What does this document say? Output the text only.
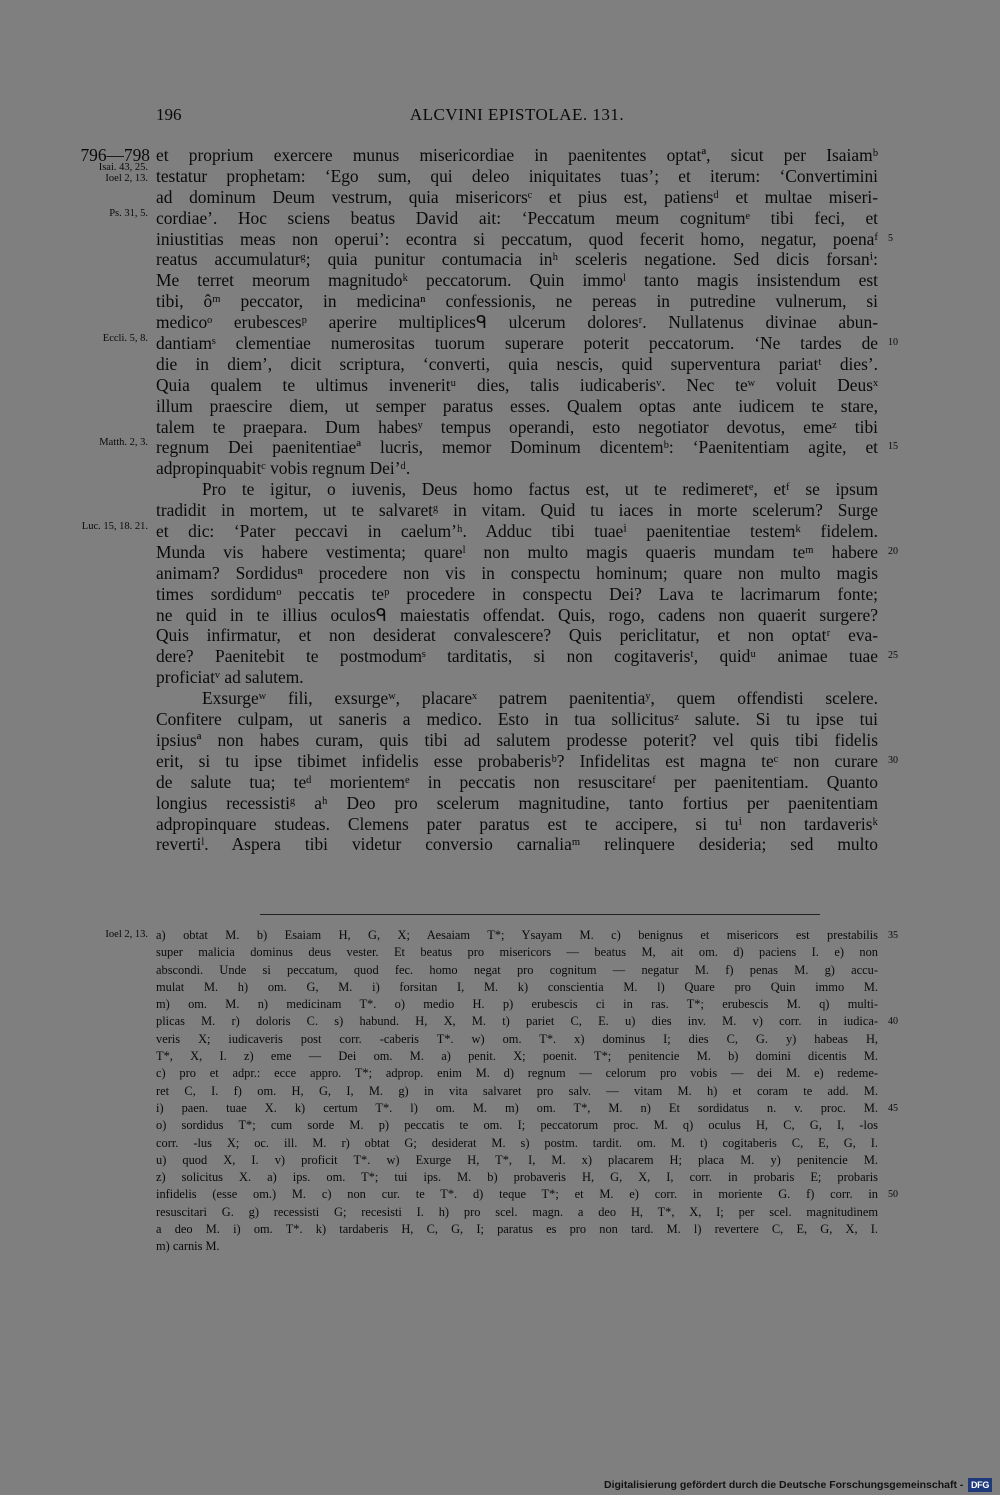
196	ALCVINI EPISTOLAE. 131.
et proprium exercere munus misericordiae in paenitentes optatª, sicut per Isaiamᵇ
796—798
testatur prophetam: ‘Ego sum, qui deleo iniquitates tuas’; et iterum: ‘Convertimini
Isai. 43, 25.
Ioel 2, 13.
ad dominum Deum vestrum, quia misericorsᶜ et pius est, patiensᵈ et multae miseri-
cordiae’. Hoc sciens beatus David ait: ‘Peccatum meum cognitumᵉ tibi feci, et
Ps. 31, 5.
iniustitias meas non operui’: econtra si peccatum, quod fecerit homo, negatur, poenaᶠ 5
reatus accumulaturᵍ; quia punitur contumacia inʰ sceleris negatione. Sed dicis forsanⁱ:
Me terret meorum magnitudoᵏ peccatorum. Quin immoˡ tanto magis insistendum est
tibi, ôᵐ peccator, in medicinaⁿ confessionis, ne pereas in putredine vulnerum, si
medicoᵒ erubescesᵖ aperire multiplicesᑫ ulcerum doloresʳ. Nullatenus divinae abun-
dantiamˢ clementiae numerositas tuorum superare poterit peccatorum. ‘Ne tardes de
Eccli. 5, 8.	10
die in diem’, dicit scriptura, ‘converti, quia nescis, quid superventura pariatᵗ dies’.
Quia qualem te ultimus inveneritᵘ dies, talis iudicaberisᵛ. Nec teʷ voluit Deusˣ
illum praescire diem, ut semper paratus esses. Qualem optas ante iudicem te stare,
talem te praepara. Dum habesʸ tempus operandi, esto negotiator devotus, emeᶻ tibi
regnum Dei paenitentiaeª lucris, memor Dominum dicentemᵇ: ‘Paenitentiam agite, et
Matth. 2, 3.	15
adpropinquabitᶜ vobis regnum Dei’ᵈ.
Pro te igitur, o iuvenis, Deus homo factus est, ut te redimeretᵉ, etᶠ se ipsum
tradidit in mortem, ut te salvaretᵍ in vitam. Quid tu iaces in morte scelerum? Surge
et dic: ‘Pater peccavi in caelum’ʰ. Adduc tibi tuaeⁱ paenitentiae testemᵏ fidelem.
Luc. 15, 18. 21.
Munda vis habere vestimenta; quareˡ non multo magis quaeris mundam teᵐ habere 20
animam? Sordidusⁿ procedere non vis in conspectu hominum; quare non multo magis
times sordidumᵒ peccatis teᵖ procedere in conspectu Dei? Lava te lacrimarum fonte;
ne quid in te illius oculosᑫ maiestatis offendat. Quis, rogo, cadens non quaerit surgere?
Quis infirmatur, et non desiderat convalescere? Quis periclitatur, et non optatʳ eva-
dere? Paenitebit te postmodumˢ tarditatis, si non cogitaverisᵗ, quidᵘ animae tuae 25
proficiatᵛ ad salutem.
Exsurgeʷ fili, exsurgeʷ, placareˣ patrem paenitentiaʸ, quem offendisti scelere.
Confitere culpam, ut saneris a medico. Esto in tua sollicitusᶻ salute. Si tu ipse tui
ipsiusª non habes curam, quis tibi ad salutem prodesse poterit? vel quis tibi fidelis
erit, si tu ipse tibimet infidelis esse probaberisᵇ? Infidelitas est magna teᶜ non curare 30
de salute tua; teᵈ morientemᵉ in peccatis non resuscitareᶠ per paenitentiam. Quanto
longius recessistiᵍ aʰ Deo pro scelerum magnitudine, tanto fortius per paenitentiam
adpropinquare studeas. Clemens pater paratus est te accipere, si tuⁱ non tardaverisᵏ
revertiˡ. Aspera tibi videtur conversio carnaliaᵐ relinquere desideria; sed multo
a) obtat M. b) Esaiam H, G, X; Aesaiam T*; Ysayam M. c) benignus et misericors est prestabilis
Ioel 2, 13.	35
super malicia dominus deus vester. Et beatus pro misericors — beatus M, ait om. d) paciens I. e) non
abscondi. Unde si peccatum, quod fec. homo negat pro cognitum — negatur M. f) penas M. g) accu-
mulat M. h) om. G, M. i) forsitan I, M. k) conscientia M. l) Quare pro Quin immo M.
m) om. M. n) medicinam T*. o) medio H. p) erubescis ci in ras. T*; erubescis M. q) multi-
plicas M. r) doloris C. s) habund. H, X, M. t) pariet C, E. u) dies inv. M. v) corr. in iudica- 40
veris X; iudicaveris post corr. -caberis T*. w) om. T*. x) dominus I; dies C, G. y) habeas H,
T*, X, I. z) eme — Dei om. M. a) penit. X; poenit. T*; penitencie M. b) domini dicentis M.
c) pro et adpr.: ecce appro. T*; adprop. enim M. d) regnum — celorum pro vobis — dei M. e) redeme-
ret C, I. f) om. H, G, I, M. g) in vita salvaret pro salv. — vitam M. h) et coram te add. M.
i) paen. tuae X. k) certum T*. l) om. M. m) om. T*, M. n) Et sordidatus n. v. proc. M. 45
o) sordidus T*; cum sorde M. p) peccatis te om. I; peccatorum proc. M. q) oculus H, C, G, I, -los
corr. -lus X; oc. ill. M. r) obtat G; desiderat M. s) postm. tardit. om. M. t) cogitaberis C, E, G, I.
u) quod X, I. v) proficit T*. w) Exurge H, T*, I, M. x) placarem H; placa M. y) penitencie M.
z) solicitus X. a) ips. om. T*; tui ips. M. b) probaveris H, G, X, I, corr. in probaris E; probaris
infidelis (esse om.) M. c) non cur. te T*. d) teque T*; et M. e) corr. in moriente G. f) corr. in 50
resuscitari G. g) recessisti G; recesisti I. h) pro scel. magn. a deo H, T*, X, I; per scel. magnitudinem
a deo M. i) om. T*. k) tardaberis H, C, G, I; paratus es pro non tard. M. l) revertere C, E, G, X, I.
m) carnis M.
Digitalisierung gefördert durch die Deutsche Forschungsgemeinschaft - DFG
